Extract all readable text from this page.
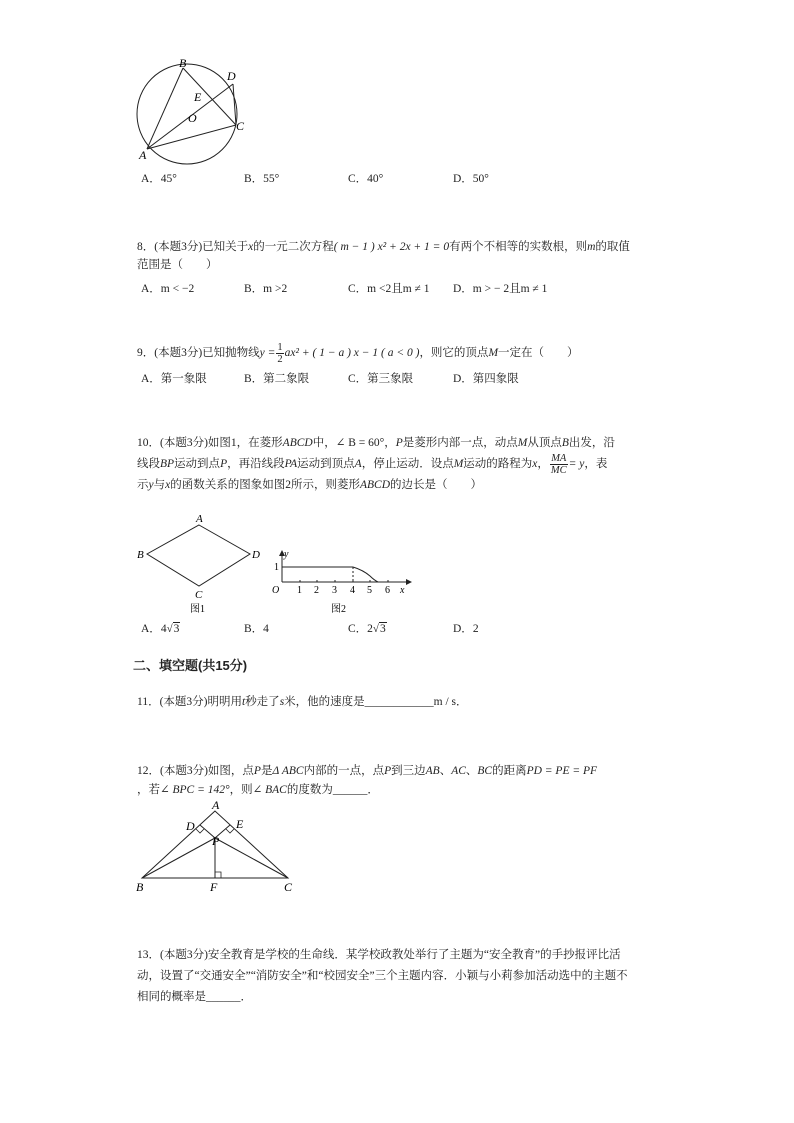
B
D
E
O
C
A
A．45°	B．55°	C．40°	D．50°
8．(本题3分)已知关于x的一元二次方程( m − 1 ) x² + 2x + 1 = 0有两个不相等的实数根，则m的取值
范围是（　　）
A．m < −2	B．m >2	C．m <2且m ≠ 1 D．m > − 2且m ≠ 1
9．(本题3分)已知抛物线$y = \frac{1}{2} ax^2$ + ( 1 − a ) x − 1 ( a < 0 )，则它的顶点M一定在（　　）
A．第一象限	B．第二象限	C．第三象限	D．第四象限
10．(本题3分)如图1，在菱形ABCD中，∠ B = 60°，P是菱形内部一点，动点M从顶点B出发，沿
线段BP运动到点P，再沿线段PA运动到顶点A，停止运动．设点M运动的路程为x， $\frac{MA}{MC} = y$，表
示y与x的函数关系的图象如图2所示，则菱形ABCD的边长是（　　）
A
B	D
C
图1
y
1
O 1 2 3 4 5 6 x
图2
A．4√3	B．4	C．2√3	D．2
二、填空题(共15分)
11．(本题3分)明明用t秒走了s米，他的速度是____________m / s．
12．(本题3分)如图，点P是Δ ABC内部的一点，点P到三边AB、AC、BC的距离PD = PE = PF
，若∠ BPC = 142°，则∠ BAC的度数为______．
A
D	E
P
B	F	C
13．(本题3分)安全教育是学校的生命线．某学校政教处举行了主题为“安全教育”的手抄报评比活
动，设置了“交通安全”“消防安全”和“校园安全”三个主题内容．小颖与小莉参加活动选中的主题不
相同的概率是______．
